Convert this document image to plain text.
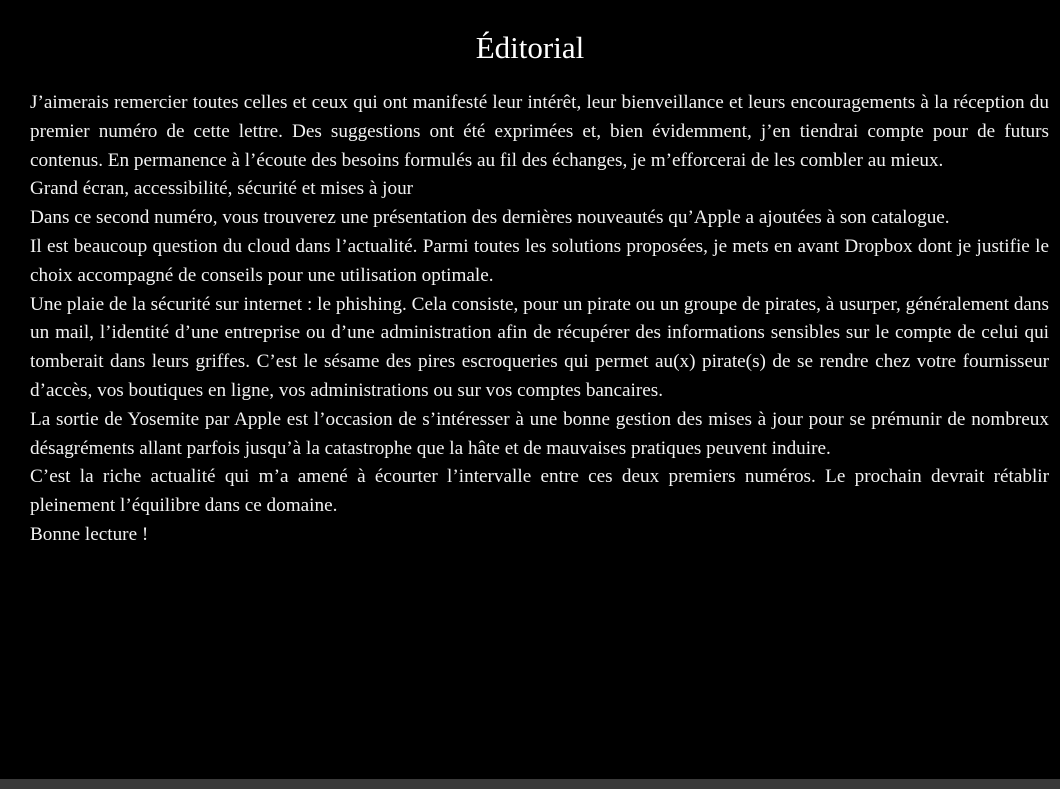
Éditorial

J’aimerais remercier toutes celles et ceux qui ont manifesté leur intérêt, leur bienveillance et leurs encouragements à la réception du premier numéro de cette lettre. Des suggestions ont été exprimées et, bien évidemment, j’en tiendrai compte pour de futurs contenus. En permanence à l’écoute des besoins formulés au fil des échanges, je m’efforcerai de les combler au mieux.

Grand écran, accessibilité, sécurité et mises à jour

Dans ce second numéro, vous trouverez une présentation des dernières nouveautés qu’Apple a ajoutées à son catalogue.

Il est beaucoup question du cloud dans l’actualité. Parmi toutes les solutions proposées, je mets en avant Dropbox dont je justifie le choix accompagné de conseils pour une utilisation optimale.

Une plaie de la sécurité sur internet : le phishing. Cela consiste, pour un pirate ou un groupe de pirates, à usurper, généralement dans un mail, l’identité d’une entreprise ou d’une administration afin de récupérer des informations sensibles sur le compte de celui qui tomberait dans leurs griffes. C’est le sésame des pires escroqueries qui permet au(x) pirate(s) de se rendre chez votre fournisseur d’accès, vos boutiques en ligne, vos administrations ou sur vos comptes bancaires.

La sortie de Yosemite par Apple est l’occasion de s’intéresser à une bonne gestion des mises à jour pour se prémunir de nombreux désagréments allant parfois jusqu’à la catastrophe que la hâte et de mauvaises pratiques peuvent induire.

C’est la riche actualité qui m’a amené à écourter l’intervalle entre ces deux premiers numéros. Le prochain devrait rétablir pleinement l’équilibre dans ce domaine.

Bonne lecture !
